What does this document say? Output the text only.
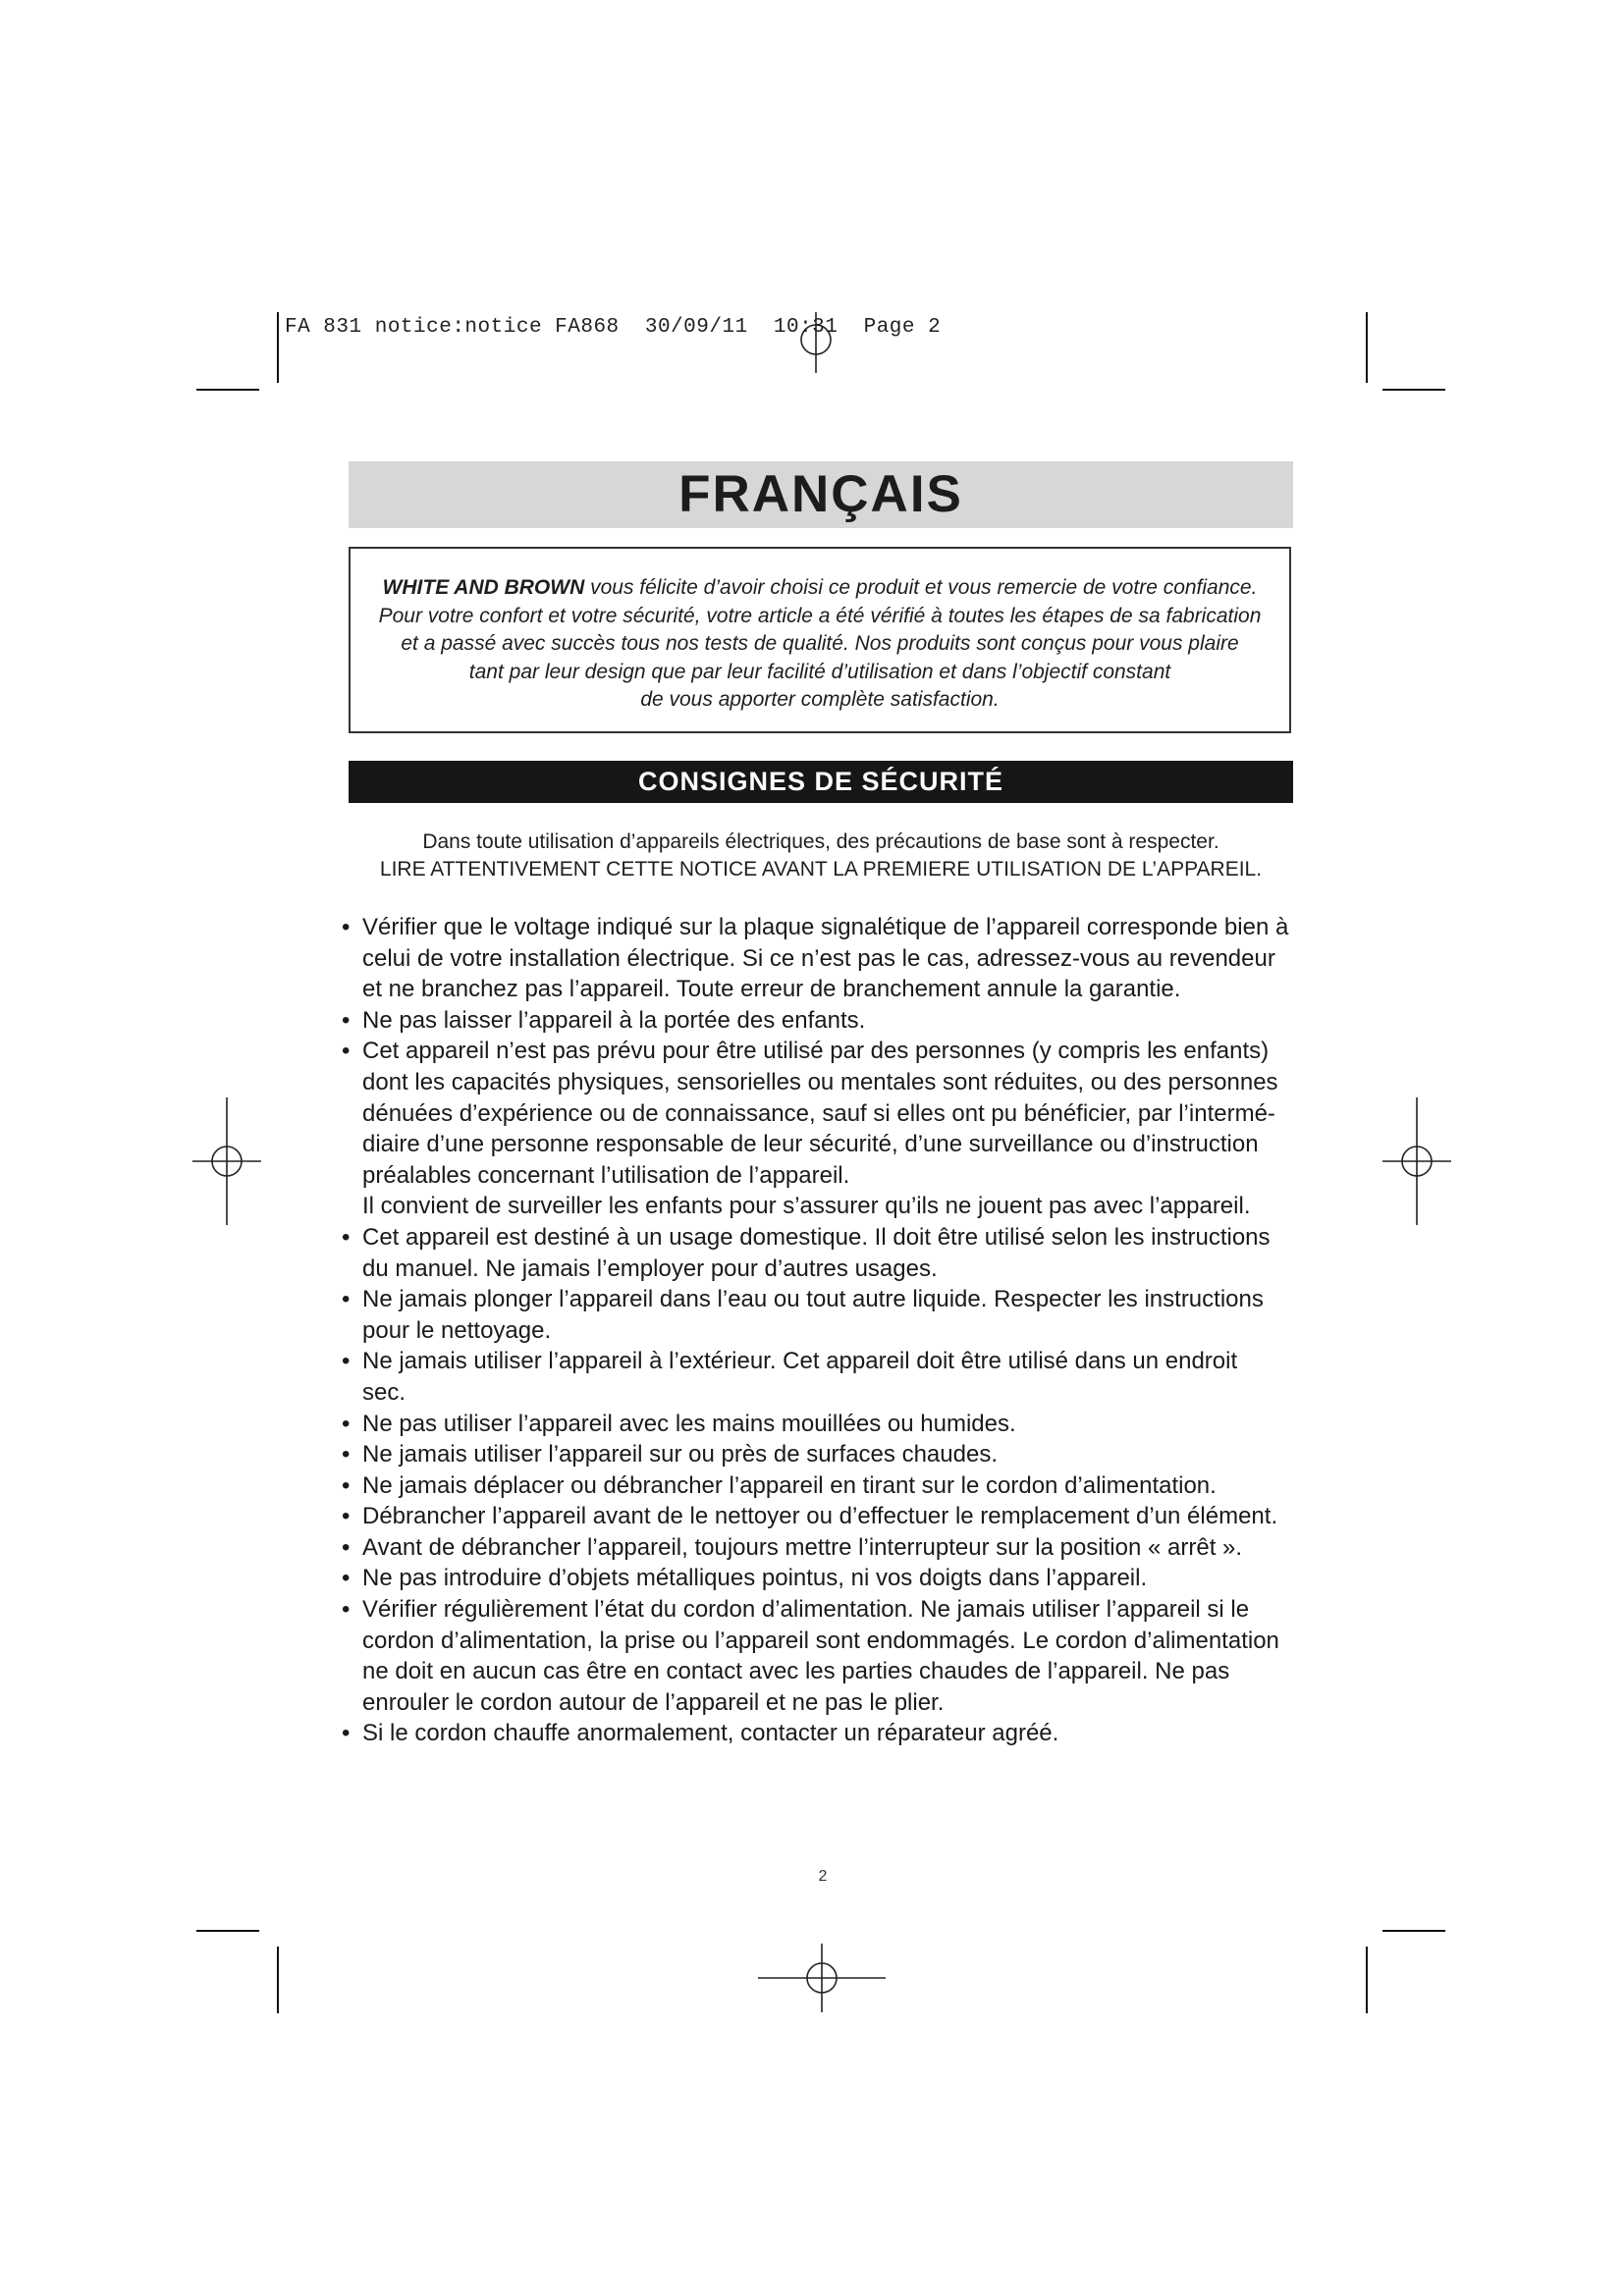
FA 831 notice:notice FA868  30/09/11  10:31  Page 2
FRANÇAIS
WHITE AND BROWN vous félicite d’avoir choisi ce produit et vous remercie de votre confiance.
Pour votre confort et votre sécurité, votre article a été vérifié à toutes les étapes de sa fabrication
et a passé avec succès tous nos tests de qualité. Nos produits sont conçus pour vous plaire
tant par leur design que par leur facilité d’utilisation et dans l’objectif constant
de vous apporter complète satisfaction.
CONSIGNES DE SÉCURITÉ
Dans toute utilisation d’appareils électriques, des précautions de base sont à respecter.
LIRE ATTENTIVEMENT CETTE NOTICE AVANT LA PREMIERE UTILISATION DE L’APPAREIL.
• Vérifier que le voltage indiqué sur la plaque signalétique de l’appareil corresponde bien à
celui de votre installation électrique. Si ce n’est pas le cas, adressez-vous au revendeur
et ne branchez pas l’appareil. Toute erreur de branchement annule la garantie.
• Ne pas laisser l’appareil à la portée des enfants.
• Cet appareil n’est pas prévu pour être utilisé par des personnes (y compris les enfants)
dont les capacités physiques, sensorielles ou mentales sont réduites, ou des personnes
dénuées d’expérience ou de connaissance, sauf si elles ont pu bénéficier, par l’intermé-
diaire d’une personne responsable de leur sécurité, d’une surveillance ou d’instruction
préalables concernant l’utilisation de l’appareil.
Il convient de surveiller les enfants pour s’assurer qu’ils ne jouent pas avec l’appareil.
• Cet appareil est destiné à un usage domestique. Il doit être utilisé selon les instructions
du manuel. Ne jamais l’employer pour d’autres usages.
• Ne jamais plonger l’appareil dans l’eau ou tout autre liquide. Respecter les instructions
pour le nettoyage.
• Ne jamais utiliser l’appareil à l’extérieur. Cet appareil doit être utilisé dans un endroit
sec.
• Ne pas utiliser l’appareil avec les mains mouillées ou humides.
• Ne jamais utiliser l’appareil sur ou près de surfaces chaudes.
• Ne jamais déplacer ou débrancher l’appareil en tirant sur le cordon d’alimentation.
• Débrancher l’appareil avant de le nettoyer ou d’effectuer le remplacement d’un élément.
• Avant de débrancher l’appareil, toujours mettre l’interrupteur sur la position « arrêt ».
• Ne pas introduire d’objets métalliques pointus, ni vos doigts dans l’appareil.
• Vérifier régulièrement l’état du cordon d’alimentation. Ne jamais utiliser l’appareil si le
cordon d’alimentation, la prise ou l’appareil sont endommagés. Le cordon d’alimentation
ne doit en aucun cas être en contact avec les parties chaudes de l’appareil. Ne pas
enrouler le cordon autour de l’appareil et ne pas le plier.
• Si le cordon chauffe anormalement, contacter un réparateur agréé.
2
